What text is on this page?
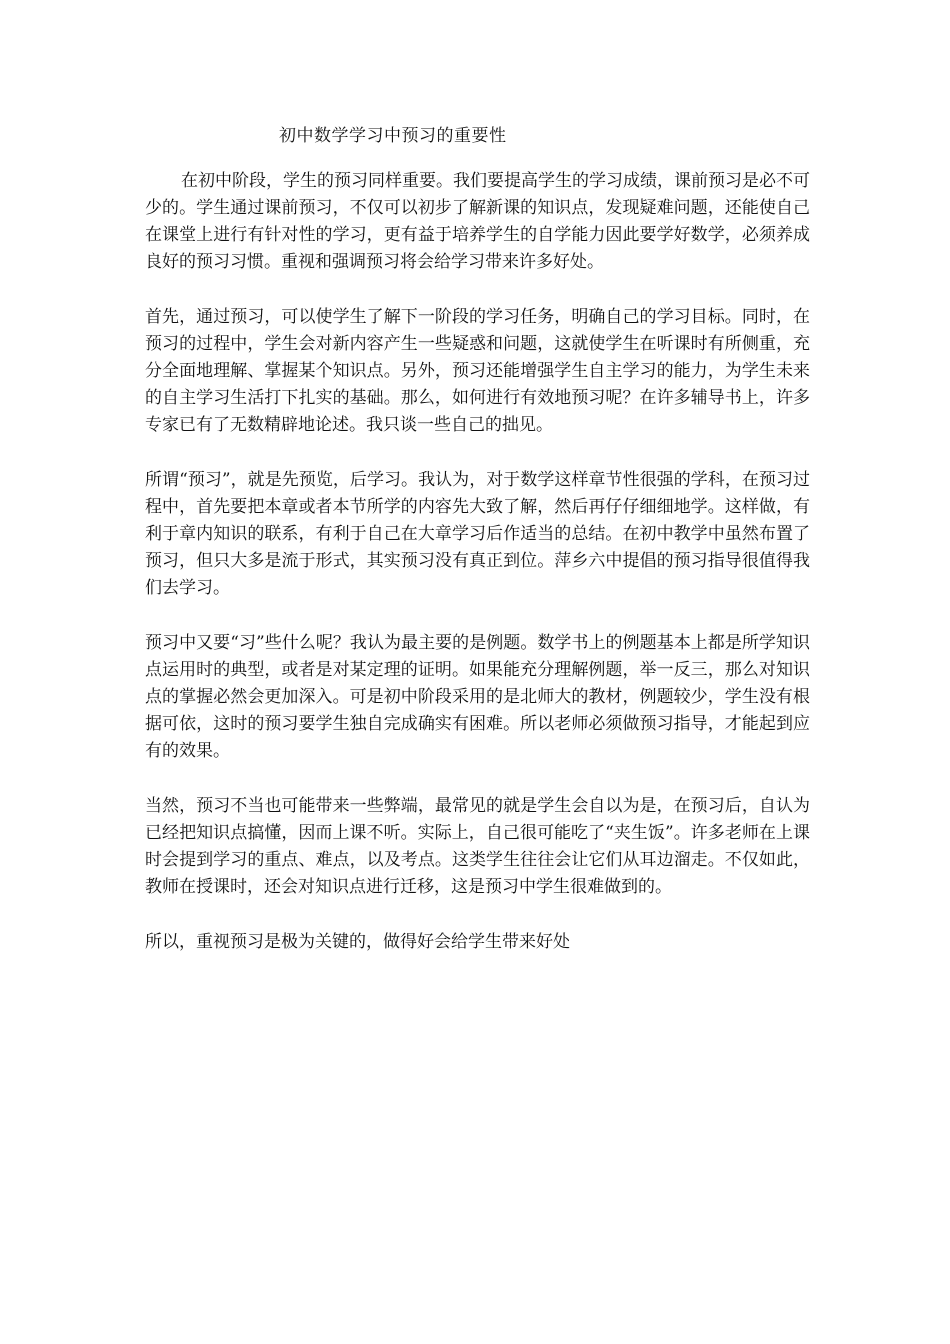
初中数学学习中预习的重要性

在初中阶段，学生的预习同样重要。我们要提高学生的学习成绩，课前预习是必不可少的。学生通过课前预习，不仅可以初步了解新课的知识点，发现疑难问题，还能使自己在课堂上进行有针对性的学习，更有益于培养学生的自学能力因此要学好数学，必须养成良好的预习习惯。重视和强调预习将会给学习带来许多好处。

首先，通过预习，可以使学生了解下一阶段的学习任务，明确自己的学习目标。同时，在预习的过程中，学生会对新内容产生一些疑惑和问题，这就使学生在听课时有所侧重，充分全面地理解、掌握某个知识点。另外，预习还能增强学生自主学习的能力，为学生未来的自主学习生活打下扎实的基础。那么，如何进行有效地预习呢？在许多辅导书上，许多专家已有了无数精辟地论述。我只谈一些自己的拙见。

所谓“预习”，就是先预览，后学习。我认为，对于数学这样章节性很强的学科，在预习过程中，首先要把本章或者本节所学的内容先大致了解，然后再仔仔细细地学。这样做，有利于章内知识的联系，有利于自己在大章学习后作适当的总结。在初中教学中虽然布置了预习，但只大多是流于形式，其实预习没有真正到位。萍乡六中提倡的预习指导很值得我们去学习。

预习中又要“习”些什么呢？我认为最主要的是例题。数学书上的例题基本上都是所学知识点运用时的典型，或者是对某定理的证明。如果能充分理解例题，举一反三，那么对知识点的掌握必然会更加深入。可是初中阶段采用的是北师大的教材，例题较少，学生没有根据可依，这时的预习要学生独自完成确实有困难。所以老师必须做预习指导，才能起到应有的效果。

当然，预习不当也可能带来一些弊端，最常见的就是学生会自以为是，在预习后，自认为已经把知识点搞懂，因而上课不听。实际上，自己很可能吃了“夹生饭”。许多老师在上课时会提到学习的重点、难点，以及考点。这类学生往往会让它们从耳边溜走。不仅如此，教师在授课时，还会对知识点进行迁移，这是预习中学生很难做到的。

所以，重视预习是极为关键的，做得好会给学生带来好处
